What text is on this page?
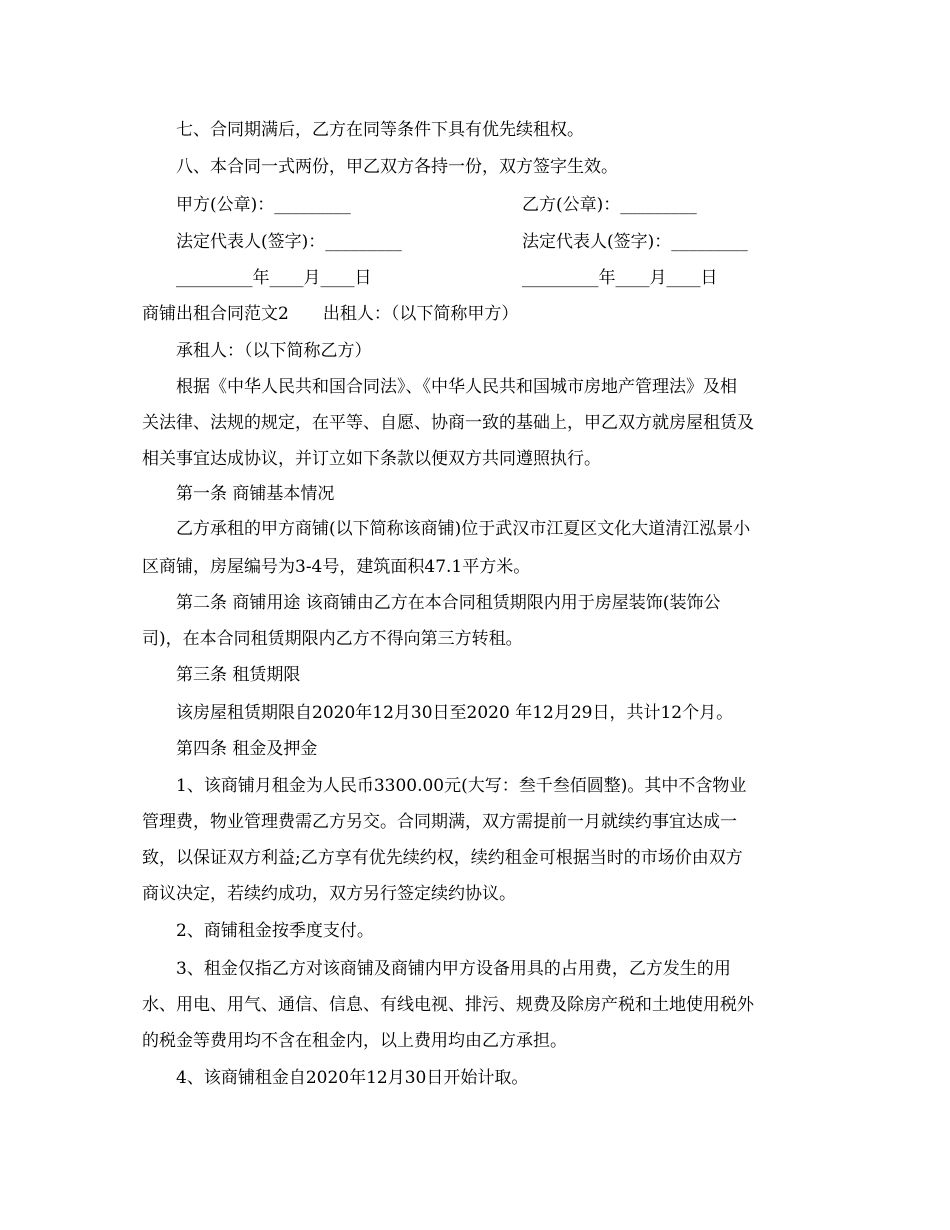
七、合同期满后，乙方在同等条件下具有优先续租权。
八、本合同一式两份，甲乙双方各持一份，双方签字生效。
甲方(公章)：_________	乙方(公章)：_________
法定代表人(签字)：_________	法定代表人(签字)：_________
_________年____月____日	_________年____月____日
商铺出租合同范文2　　出租人：（以下简称甲方）
承租人：（以下简称乙方）
根据《中华人民共和国合同法》、《中华人民共和国城市房地产管理法》及相
关法律、法规的规定，在平等、自愿、协商一致的基础上，甲乙双方就房屋租赁及
相关事宜达成协议，并订立如下条款以便双方共同遵照执行。
第一条 商铺基本情况
乙方承租的甲方商铺(以下简称该商铺)位于武汉市江夏区文化大道清江泓景小
区商铺，房屋编号为3-4号，建筑面积47.1平方米。
第二条 商铺用途 该商铺由乙方在本合同租赁期限内用于房屋装饰(装饰公
司)，在本合同租赁期限内乙方不得向第三方转租。
第三条 租赁期限
该房屋租赁期限自2020年12月30日至2020 年12月29日，共计12个月。
第四条 租金及押金
1、该商铺月租金为人民币3300.00元(大写：叁千叁佰圆整)。其中不含物业
管理费，物业管理费需乙方另交。合同期满，双方需提前一月就续约事宜达成一
致，以保证双方利益;乙方享有优先续约权，续约租金可根据当时的市场价由双方
商议决定，若续约成功，双方另行签定续约协议。
2、商铺租金按季度支付。
3、租金仅指乙方对该商铺及商铺内甲方设备用具的占用费，乙方发生的用
水、用电、用气、通信、信息、有线电视、排污、规费及除房产税和土地使用税外
的税金等费用均不含在租金内，以上费用均由乙方承担。
4、该商铺租金自2020年12月30日开始计取。
